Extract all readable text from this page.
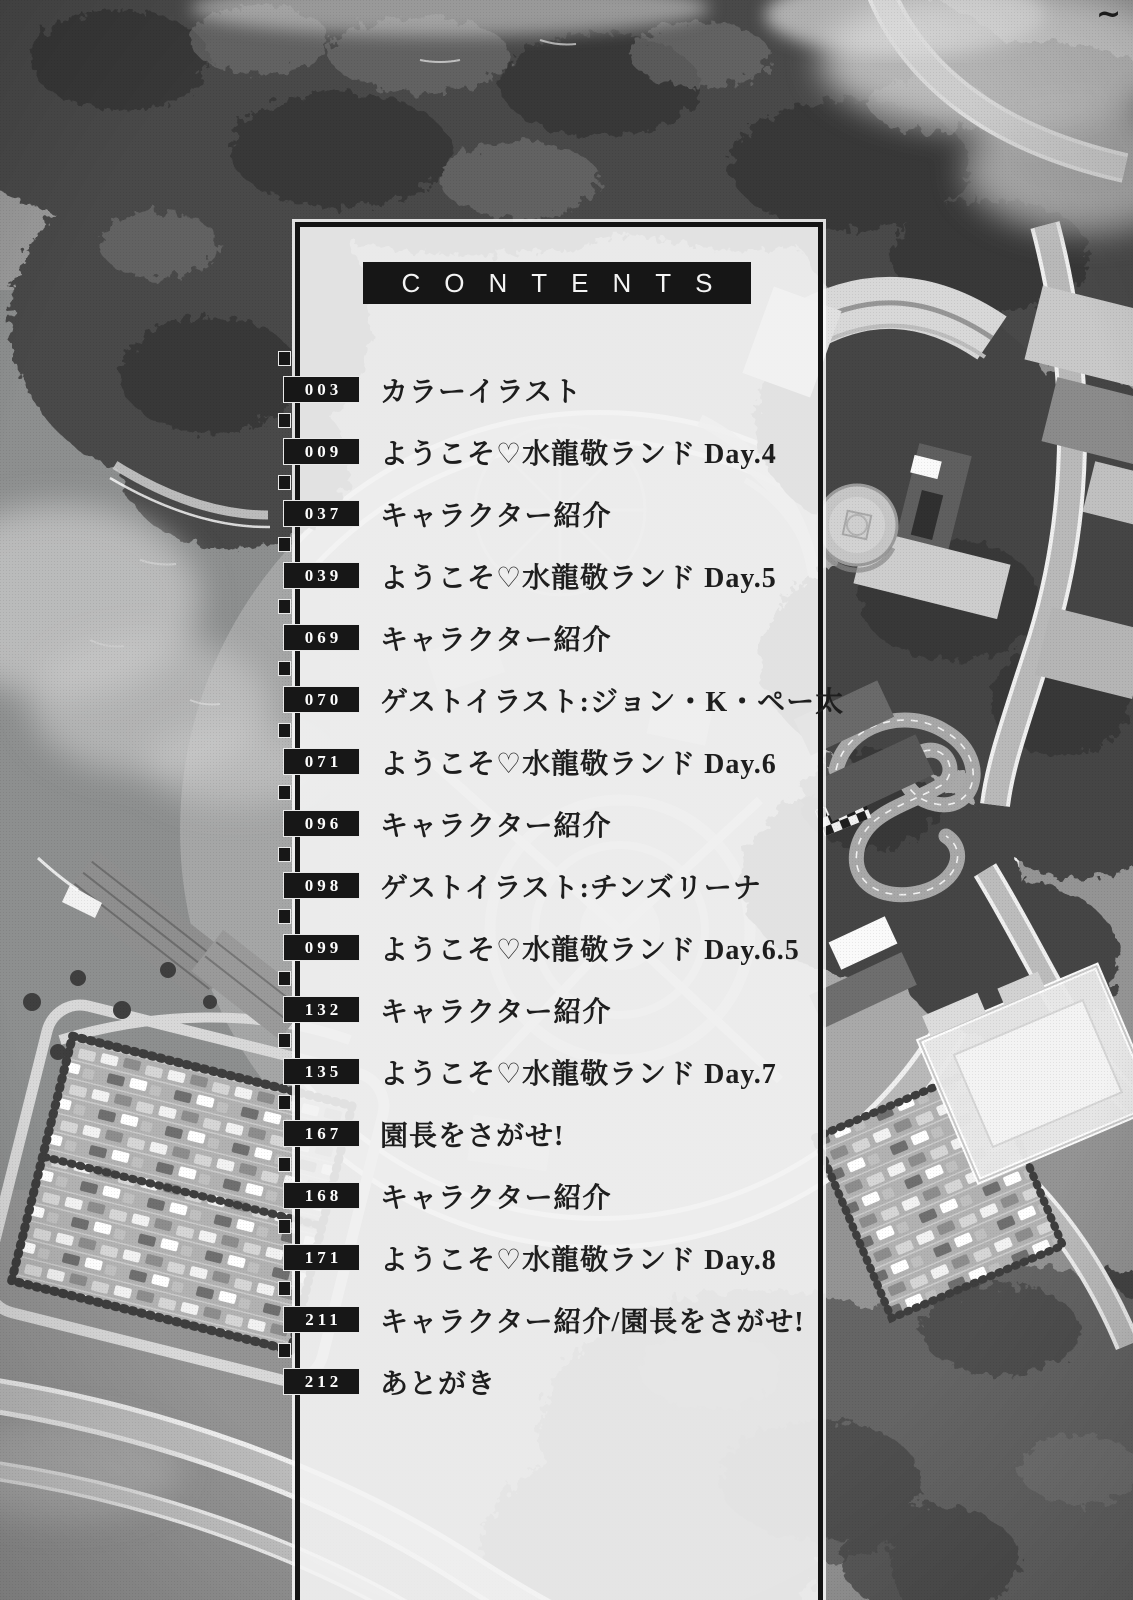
~
CONTENTS
003 カラーイラスト
009 ようこそ♡水龍敬ランド Day.4
037 キャラクター紹介
039 ようこそ♡水龍敬ランド Day.5
069 キャラクター紹介
070 ゲストイラスト:ジョン・K・ペー太
071 ようこそ♡水龍敬ランド Day.6
096 キャラクター紹介
098 ゲストイラスト:チンズリーナ
099 ようこそ♡水龍敬ランド Day.6.5
132 キャラクター紹介
135 ようこそ♡水龍敬ランド Day.7
167 園長をさがせ!
168 キャラクター紹介
171 ようこそ♡水龍敬ランド Day.8
211 キャラクター紹介/園長をさがせ!
212 あとがき
